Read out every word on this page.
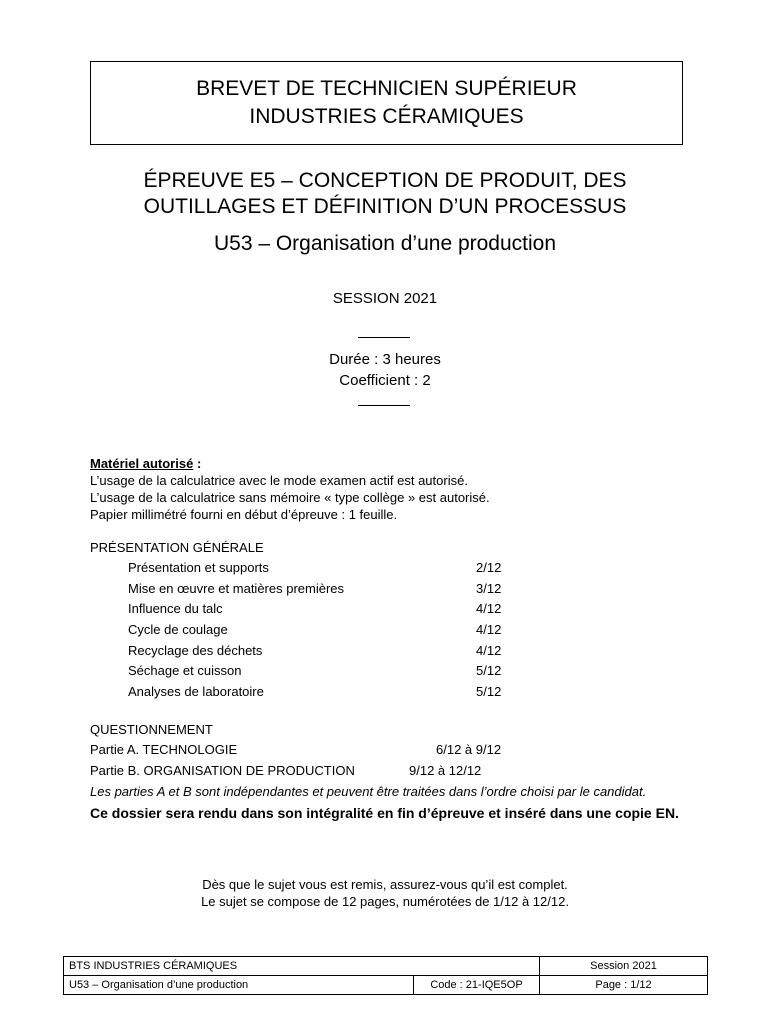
BREVET DE TECHNICIEN SUPÉRIEUR
INDUSTRIES CÉRAMIQUES
ÉPREUVE E5 – CONCEPTION DE PRODUIT, DES
OUTILLAGES ET DÉFINITION D’UN PROCESSUS
U53 – Organisation d’une production
SESSION 2021
Durée : 3 heures
Coefficient : 2
Matériel autorisé :
L’usage de la calculatrice avec le mode examen actif est autorisé.
L’usage de la calculatrice sans mémoire « type collège » est autorisé.
Papier millimétré fourni en début d’épreuve : 1 feuille.
PRÉSENTATION GÉNÉRALE
Présentation et supports	2/12
Mise en œuvre et matières premières	3/12
Influence du talc	4/12
Cycle de coulage	4/12
Recyclage des déchets	4/12
Séchage et cuisson	5/12
Analyses de laboratoire	5/12
QUESTIONNEMENT
Partie A. TECHNOLOGIE	6/12 à 9/12
Partie B. ORGANISATION DE PRODUCTION	9/12 à 12/12
Les parties A et B sont indépendantes et peuvent être traitées dans l’ordre choisi par le candidat.
Ce dossier sera rendu dans son intégralité en fin d’épreuve et inséré dans une copie EN.
Dès que le sujet vous est remis, assurez-vous qu’il est complet.
Le sujet se compose de 12 pages, numérotées de 1/12 à 12/12.
BTS INDUSTRIES CÉRAMIQUES		Session 2021
U53 – Organisation d’une production	Code : 21-IQE5OP	Page : 1/12
